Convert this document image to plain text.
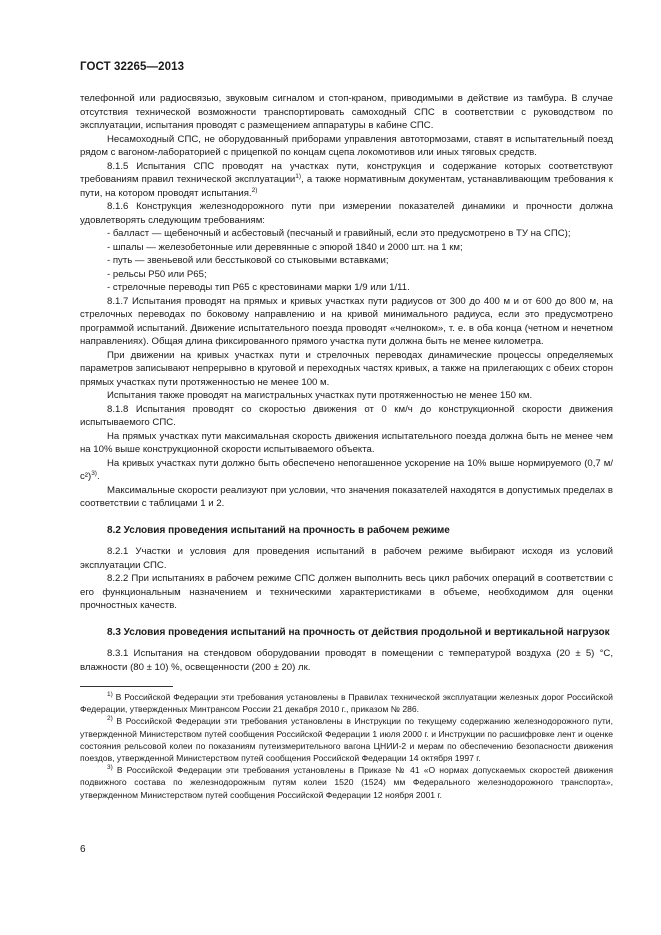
ГОСТ 32265—2013

телефонной или радиосвязью, звуковым сигналом и стоп-краном, приводимыми в действие из тамбура. В случае отсутствия технической возможности транспортировать самоходный СПС в соответствии с руководством по эксплуатации, испытания проводят с размещением аппаратуры в кабине СПС.

Несамоходный СПС, не оборудованный приборами управления автотормозами, ставят в испытательный поезд рядом с вагоном-лабораторией с прицепкой по концам сцепа локомотивов или иных тяговых средств.

8.1.5 Испытания СПС проводят на участках пути, конструкция и содержание которых соответствуют требованиям правил технической эксплуатации$^{1)}$, а также нормативным документам, устанавливающим требования к пути, на котором проводят испытания.$^{2)}$

8.1.6 Конструкция железнодорожного пути при измерении показателей динамики и прочности должна удовлетворять следующим требованиям:

- балласт — щебеночный и асбестовый (песчаный и гравийный, если это предусмотрено в ТУ на СПС);

- шпалы — железобетонные или деревянные с эпюрой 1840 и 2000 шт. на 1 км;

- путь — звеньевой или бесстыковой со стыковыми вставками;

- рельсы Р50 или Р65;

- стрелочные переводы тип Р65 с крестовинами марки 1/9 или 1/11.

8.1.7 Испытания проводят на прямых и кривых участках пути радиусов от 300 до 400 м и от 600 до 800 м, на стрелочных переводах по боковому направлению и на кривой минимального радиуса, если это предусмотрено программой испытаний. Движение испытательного поезда проводят «челноком», т. е. в оба конца (четном и нечетном направлениях). Общая длина фиксированного прямого участка пути должна быть не менее километра.

При движении на кривых участках пути и стрелочных переводах динамические процессы определяемых параметров записывают непрерывно в круговой и переходных частях кривых, а также на прилегающих с обеих сторон прямых участках пути протяженностью не менее 100 м.

Испытания также проводят на магистральных участках пути протяженностью не менее 150 км.

8.1.8 Испытания проводят со скоростью движения от 0 км/ч до конструкционной скорости движения испытываемого СПС.

На прямых участках пути максимальная скорость движения испытательного поезда должна быть не менее чем на 10% выше конструкционной скорости испытываемого объекта.

На кривых участках пути должно быть обеспечено непогашенное ускорение на 10% выше нормируемого (0,7 м/с²)$^{3)}$.

Максимальные скорости реализуют при условии, что значения показателей находятся в допустимых пределах в соответствии с таблицами 1 и 2.

8.2 Условия проведения испытаний на прочность в рабочем режиме

8.2.1 Участки и условия для проведения испытаний в рабочем режиме выбирают исходя из условий эксплуатации СПС.

8.2.2 При испытаниях в рабочем режиме СПС должен выполнить весь цикл рабочих операций в соответствии с его функциональным назначением и техническими характеристиками в объеме, необходимом для оценки прочностных качеств.

8.3 Условия проведения испытаний на прочность от действия продольной и вертикальной нагрузок

8.3.1 Испытания на стендовом оборудовании проводят в помещении с температурой воздуха (20 ± 5) °С, влажности (80 ± 10) %, освещенности (200 ± 20) лк.

$^{1)}$ В Российской Федерации эти требования установлены в Правилах технической эксплуатации железных дорог Российской Федерации, утвержденных Минтрансом России 21 декабря 2010 г., приказом № 286.

$^{2)}$ В Российской Федерации эти требования установлены в Инструкции по текущему содержанию железнодорожного пути, утвержденной Министерством путей сообщения Российской Федерации 1 июля 2000 г. и Инструкции по расшифровке лент и оценке состояния рельсовой колеи по показаниям путеизмерительного вагона ЦНИИ-2 и мерам по обеспечению безопасности движения поездов, утвержденной Министерством путей сообщения Российской Федерации 14 октября 1997 г.

$^{3)}$ В Российской Федерации эти требования установлены в Приказе № 41 «О нормах допускаемых скоростей движения подвижного состава по железнодорожным путям колеи 1520 (1524) мм Федерального железнодорожного транспорта», утвержденном Министерством путей сообщения Российской Федерации 12 ноября 2001 г.

6
